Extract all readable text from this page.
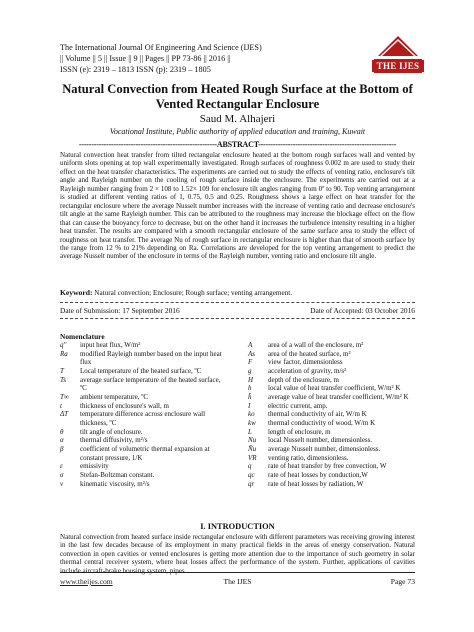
The International Journal Of Engineering And Science (IJES)
|| Volume || 5 || Issue || 9 || Pages || PP 73-86 || 2016 ||
ISSN (e): 2319 – 1813 ISSN (p): 2319 – 1805	THE IJES
Natural Convection from Heated Rough Surface at the Bottom of Vented Rectangular Enclosure
Saud M. Alhajeri
Vocational Institute, Public authority of applied education and training, Kuwait
--------------------------------------------------------ABSTRACT--------------------------------------------------------
Natural convection heat transfer from tilted rectangular enclosure heated at the bottom rough surfaces wall and vented by uniform slots opening at top wall experimentally investigated. Rough surfaces of roughness 0.002 m are used to study their effect on the heat transfer characteristics. The experiments are carried out to study the effects of venting ratio, enclosure's tilt angle and Rayleigh number on the cooling of rough surface inside the enclosure. The experiments are carried out at a Rayleigh number ranging from 2 × 108 to 1.52× 109 for enclosure tilt angles ranging from 0º to 90. Top venting arrangement is studied at different venting ratios of 1, 0.75, 0.5 and 0.25. Roughness shows a large effect on heat transfer for the rectangular enclosure where the average Nusselt number increases with the increase of venting ratio and decrease enclosure's tilt angle at the same Rayleigh number. This can be attributed to the roughness may increase the blockage effect on the flow that can cause the buoyancy force to decrease, but on the other hand it increases the turbulence intensity resulting in a higher heat transfer. The results are compared with a smooth rectangular enclosure of the same surface area to study the effect of roughness on heat transfer. The average Nu of rough surface in rectangular enclosure is higher than that of smooth surface by the range from 12 % to 21% depending on Ra. Correlations are developed for the top venting arrangement to predict the average Nusselt number of the enclosure in terms of the Rayleigh number, venting ratio and enclosure tilt angle.
Keyword: Natural convection; Enclosure; Rough surface; venting arrangement.
Date of Submission: 17 September 2016	Date of Accepted: 03 October 2016
Nomenclature
q"	input heat flux, W/m²
Ra	modified Rayleigh number based on the input heat flux
T	Local temperature of the heated surface, ºC
Ts	average surface temperature of the heated surface, ºC
T∞	ambient temperature, ºC
t	thickness of enclosure's wall, m
ΔT	temperature difference across enclosure wall thickness, ºC
θ	tilt angle of enclosure.
α	thermal diffusivity, m²/s
β	coefficient of volumetric thermal expansion at constant pressure, 1/K
ε	emissivity
σ	Stefan-Boltzman constant.
ν	kinematic viscosity, m²/s
A	area of a wall of the enclosure, m²
As	area of the heated surface, m²
F	view factor, dimensionless
g	acceleration of gravity, m/s²
H	depth of the enclosure, m
h	local value of heat transfer coefficient, W/m² K
h̄	average value of heat transfer coefficient, W/m² K
I	electric current, amp.
ko	thermal conductivity of air, W/m K
kw	thermal conductivity of wood, W/m K
L	length of enclosure, m
Nu	local Nusselt number, dimensionless.
N̄u	average Nusselt number, dimensionless.
VR	venting ratio, dimensionless.
q	rate of heat transfer by free convection, W
qc	rate of heat losses by conduction,W
qr	rate of heat losses by radiation, W
I. INTRODUCTION
Natural convection from heated surface inside rectangular enclosure with different parameters was receiving growing interest in the last few decades because of its employment in many practical fields in the areas of energy conservation. Natural convection in open cavities or vented enclosures is getting more attention due to the importance of such geometry in solar thermal central receiver system, where heat losses affect the performance of the system. Further, applications of cavities include aircraft-brake housing system, pipes
www.theijes.com	The IJES	Page 73
